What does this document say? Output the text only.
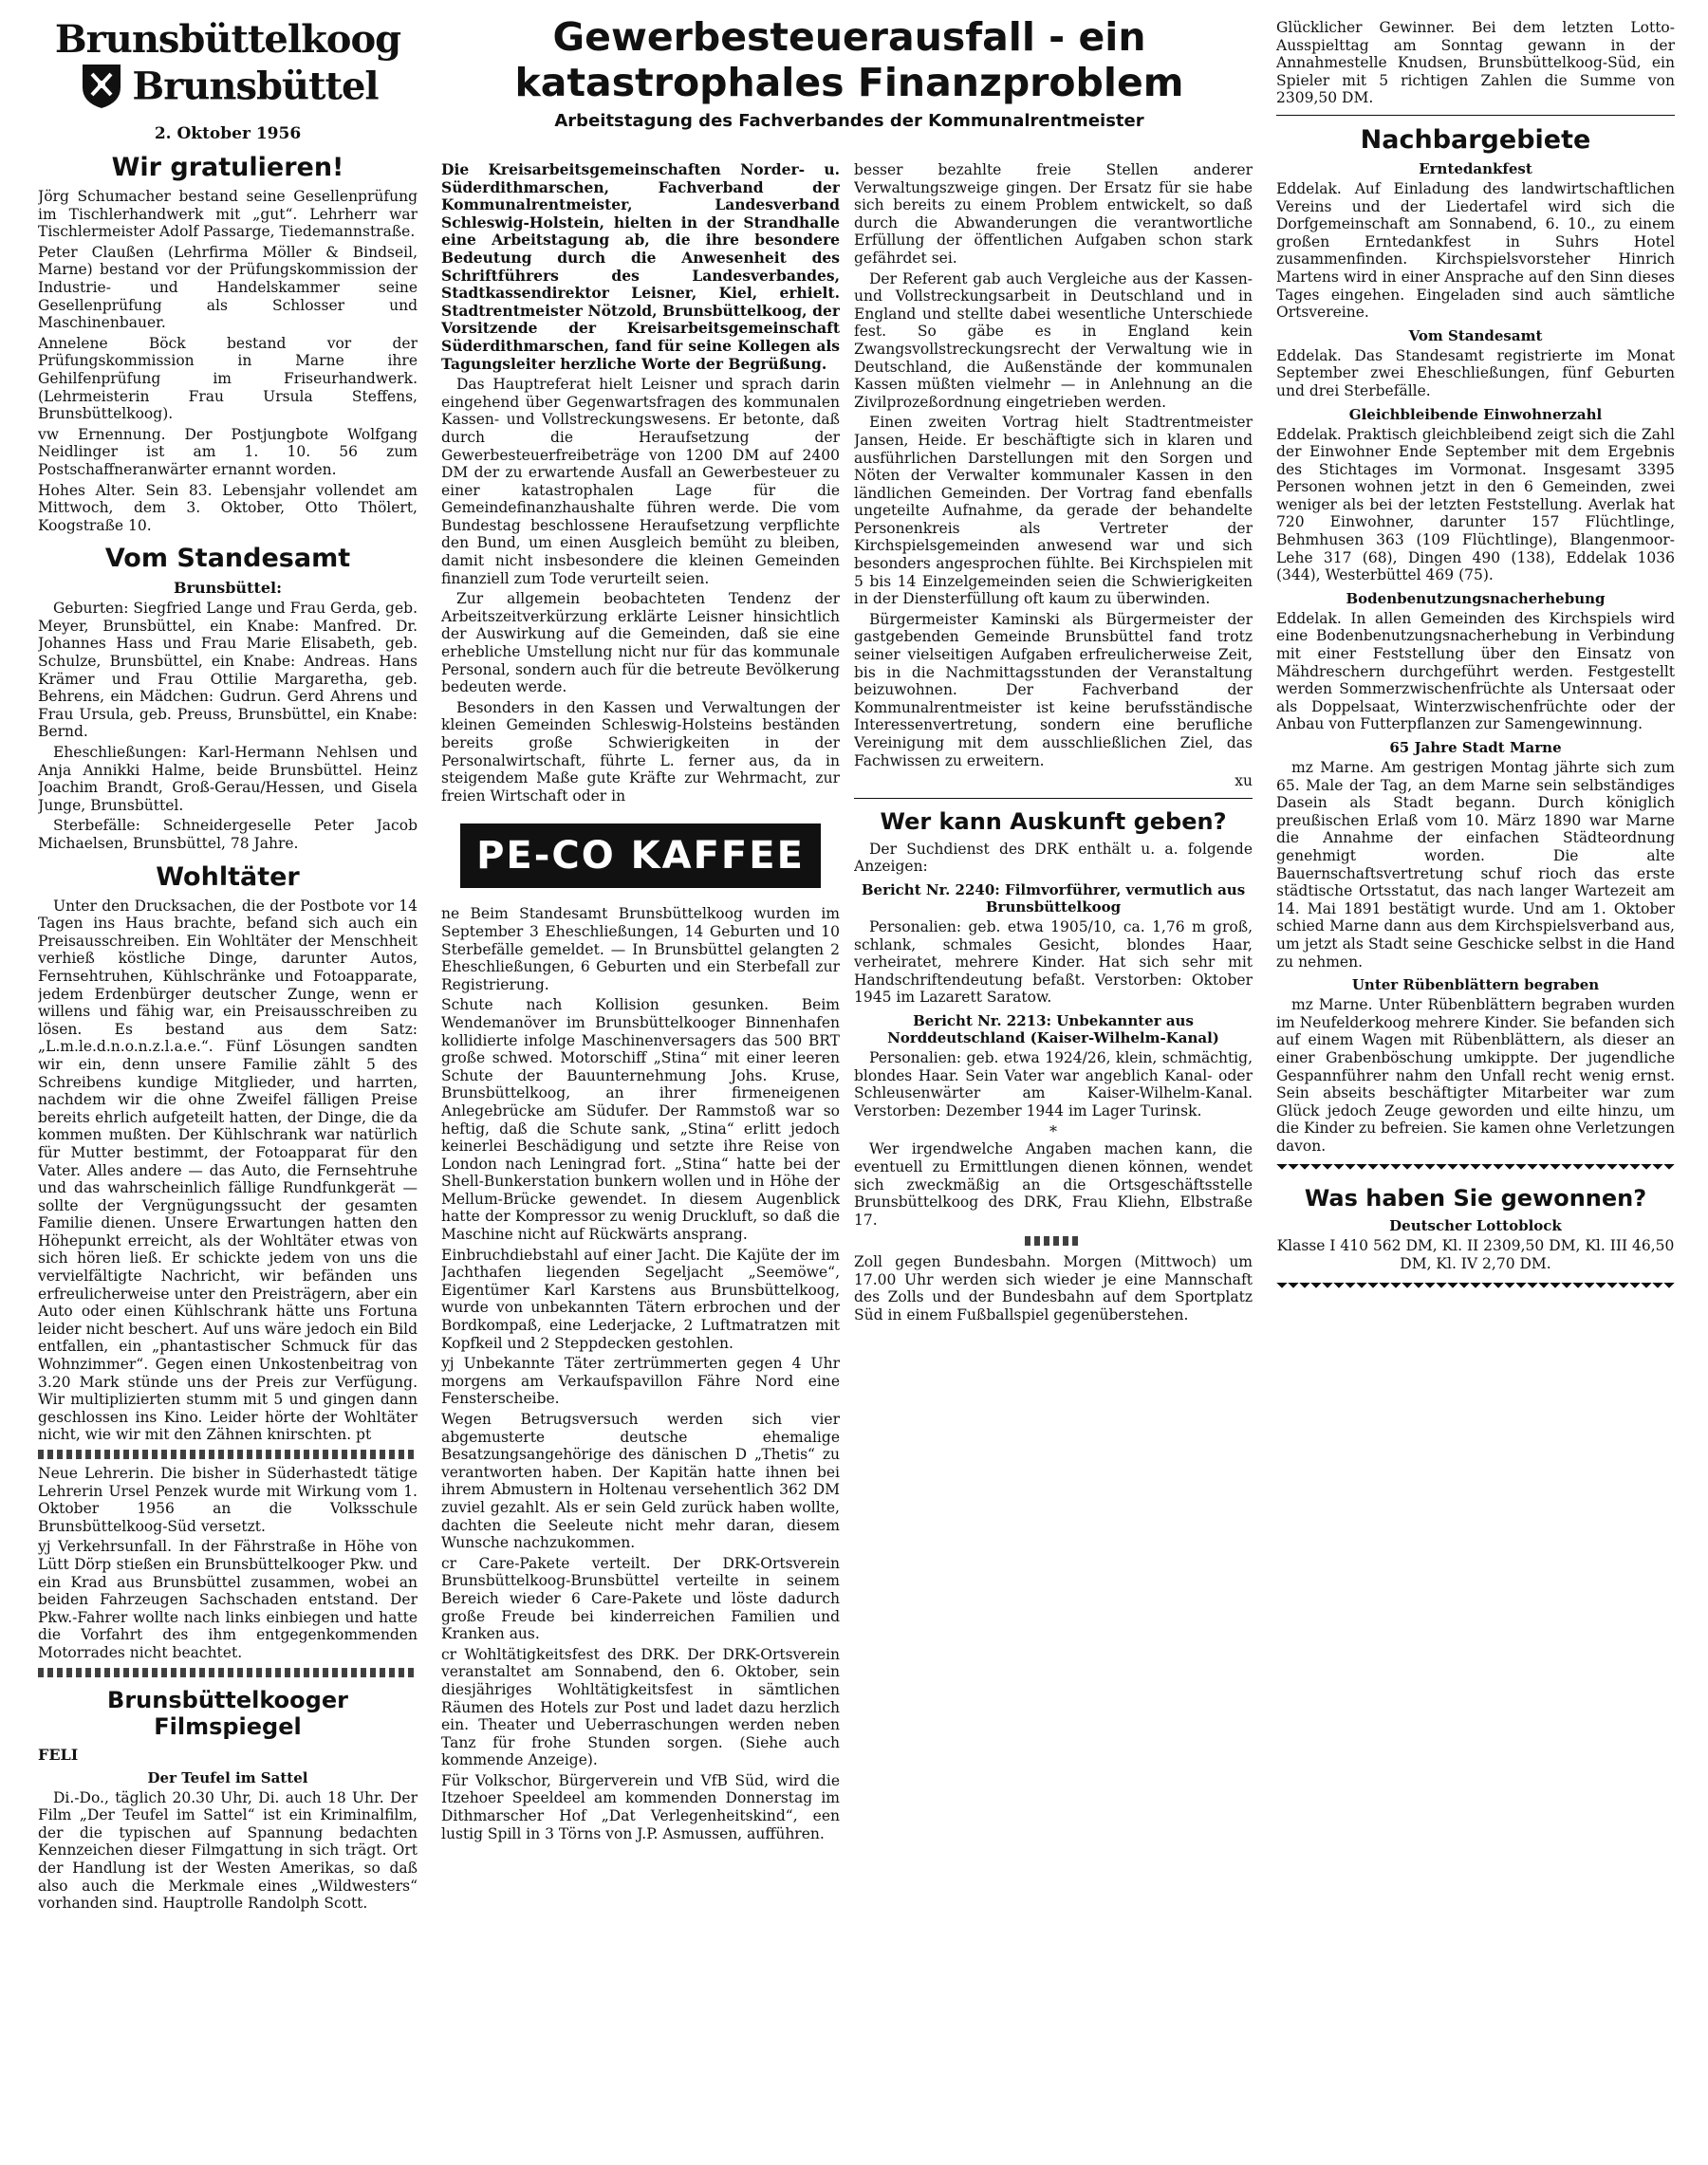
Gewerbesteuerausfall - ein katastrophales Finanzproblem
Arbeitstagung des Fachverbandes der Kommunalrentmeister
Brunsbüttelkoog
Brunsbüttel
2. Oktober 1956
Wir gratulieren!

Jörg Schumacher bestand seine Gesellenprüfung im Tischlerhandwerk mit „gut“. Lehrherr war Tischlermeister Adolf Passarge, Tiedemannstraße.

Peter Claußen (Lehrfirma Möller & Bindseil, Marne) bestand vor der Prüfungskommission der Industrie- und Handelskammer seine Gesellenprüfung als Schlosser und Maschinenbauer.

Annelene Böck bestand vor der Prüfungskommission in Marne ihre Gehilfenprüfung im Friseurhandwerk. (Lehrmeisterin Frau Ursula Steffens, Brunsbüttelkoog).

vw Ernennung. Der Postjungbote Wolfgang Neidlinger ist am 1. 10. 56 zum Postschaffneranwärter ernannt worden.

Hohes Alter. Sein 83. Lebensjahr vollendet am Mittwoch, dem 3. Oktober, Otto Thölert, Koogstraße 10.

Vom Standesamt
Brunsbüttel:

Geburten: Siegfried Lange und Frau Gerda, geb. Meyer, Brunsbüttel, ein Knabe: Manfred. Dr. Johannes Hass und Frau Marie Elisabeth, geb. Schulze, Brunsbüttel, ein Knabe: Andreas. Hans Krämer und Frau Ottilie Margaretha, geb. Behrens, ein Mädchen: Gudrun. Gerd Ahrens und Frau Ursula, geb. Preuss, Brunsbüttel, ein Knabe: Bernd.

Eheschließungen: Karl-Hermann Nehlsen und Anja Annikki Halme, beide Brunsbüttel. Heinz Joachim Brandt, Groß-Gerau/Hessen, und Gisela Junge, Brunsbüttel.

Sterbefälle: Schneidergeselle Peter Jacob Michaelsen, Brunsbüttel, 78 Jahre.

Wohltäter

Unter den Drucksachen, die der Postbote vor 14 Tagen ins Haus brachte, befand sich auch ein Preisausschreiben. Ein Wohltäter der Menschheit verhieß köstliche Dinge, darunter Autos, Fernsehtruhen, Kühlschränke und Fotoapparate, jedem Erdenbürger deutscher Zunge, wenn er willens und fähig war, ein Preisausschreiben zu lösen. Es bestand aus dem Satz: „L.m.le.d.n.o.n.z.l.a.e.“. Fünf Lösungen sandten wir ein, denn unsere Familie zählt 5 des Schreibens kundige Mitglieder, und harrten, nachdem wir die ohne Zweifel fälligen Preise bereits ehrlich aufgeteilt hatten, der Dinge, die da kommen mußten. Der Kühlschrank war natürlich für Mutter bestimmt, der Fotoapparat für den Vater. Alles andere — das Auto, die Fernsehtruhe und das wahrscheinlich fällige Rundfunkgerät — sollte der Vergnügungssucht der gesamten Familie dienen. Unsere Erwartungen hatten den Höhepunkt erreicht, als der Wohltäter etwas von sich hören ließ. Er schickte jedem von uns die vervielfältigte Nachricht, wir befänden uns erfreulicherweise unter den Preisträgern, aber ein Auto oder einen Kühlschrank hätte uns Fortuna leider nicht beschert. Auf uns wäre jedoch ein Bild entfallen, ein „phantastischer Schmuck für das Wohnzimmer“. Gegen einen Unkostenbeitrag von 3.20 Mark stünde uns der Preis zur Verfügung. Wir multiplizierten stumm mit 5 und gingen dann geschlossen ins Kino. Leider hörte der Wohltäter nicht, wie wir mit den Zähnen knirschten. pt

Neue Lehrerin. Die bisher in Süderhastedt tätige Lehrerin Ursel Penzek wurde mit Wirkung vom 1. Oktober 1956 an die Volksschule Brunsbüttelkoog-Süd versetzt.

yj Verkehrsunfall. In der Fährstraße in Höhe von Lütt Dörp stießen ein Brunsbüttelkooger Pkw. und ein Krad aus Brunsbüttel zusammen, wobei an beiden Fahrzeugen Sachschaden entstand. Der Pkw.-Fahrer wollte nach links einbiegen und hatte die Vorfahrt des ihm entgegenkommenden Motorrades nicht beachtet.

Brunsbüttelkooger Filmspiegel
FELI
Der Teufel im Sattel

Di.-Do., täglich 20.30 Uhr, Di. auch 18 Uhr. Der Film „Der Teufel im Sattel“ ist ein Kriminalfilm, der die typischen auf Spannung bedachten Kennzeichen dieser Filmgattung in sich trägt. Ort der Handlung ist der Westen Amerikas, so daß also auch die Merkmale eines „Wildwesters“ vorhanden sind. Hauptrolle Randolph Scott.

Die Kreisarbeitsgemeinschaften Norder- u. Süderdithmarschen, Fachverband der Kommunalrentmeister, Landesverband Schleswig-Holstein, hielten in der Strandhalle eine Arbeitstagung ab, die ihre besondere Bedeutung durch die Anwesenheit des Schriftführers des Landesverbandes, Stadtkassendirektor Leisner, Kiel, erhielt. Stadtrentmeister Nötzold, Brunsbüttelkoog, der Vorsitzende der Kreisarbeitsgemeinschaft Süderdithmarschen, fand für seine Kollegen als Tagungsleiter herzliche Worte der Begrüßung.

Das Hauptreferat hielt Leisner und sprach darin eingehend über Gegenwartsfragen des kommunalen Kassen- und Vollstreckungswesens. Er betonte, daß durch die Heraufsetzung der Gewerbesteuerfreibeträge von 1200 DM auf 2400 DM der zu erwartende Ausfall an Gewerbesteuer zu einer katastrophalen Lage für die Gemeindefinanzhaushalte führen werde. Die vom Bundestag beschlossene Heraufsetzung verpflichte den Bund, um einen Ausgleich bemüht zu bleiben, damit nicht insbesondere die kleinen Gemeinden finanziell zum Tode verurteilt seien.

Zur allgemein beobachteten Tendenz der Arbeitszeitverkürzung erklärte Leisner hinsichtlich der Auswirkung auf die Gemeinden, daß sie eine erhebliche Umstellung nicht nur für das kommunale Personal, sondern auch für die betreute Bevölkerung bedeuten werde.

Besonders in den Kassen und Verwaltungen der kleinen Gemeinden Schleswig-Holsteins beständen bereits große Schwierigkeiten in der Personalwirtschaft, führte L. ferner aus, da in steigendem Maße gute Kräfte zur Wehrmacht, zur freien Wirtschaft oder in

PE-CO KAFFEE

ne Beim Standesamt Brunsbüttelkoog wurden im September 3 Eheschließungen, 14 Geburten und 10 Sterbefälle gemeldet. — In Brunsbüttel gelangten 2 Eheschließungen, 6 Geburten und ein Sterbefall zur Registrierung.

Schute nach Kollision gesunken. Beim Wendemanöver im Brunsbüttelkooger Binnenhafen kollidierte infolge Maschinenversagers das 500 BRT große schwed. Motorschiff „Stina“ mit einer leeren Schute der Bauunternehmung Johs. Kruse, Brunsbüttelkoog, an ihrer firmeneigenen Anlegebrücke am Südufer. Der Rammstoß war so heftig, daß die Schute sank, „Stina“ erlitt jedoch keinerlei Beschädigung und setzte ihre Reise von London nach Leningrad fort. „Stina“ hatte bei der Shell-Bunkerstation bunkern wollen und in Höhe der Mellum-Brücke gewendet. In diesem Augenblick hatte der Kompressor zu wenig Druckluft, so daß die Maschine nicht auf Rückwärts ansprang.

Einbruchdiebstahl auf einer Jacht. Die Kajüte der im Jachthafen liegenden Segeljacht „Seemöwe“, Eigentümer Karl Karstens aus Brunsbüttelkoog, wurde von unbekannten Tätern erbrochen und der Bordkompaß, eine Lederjacke, 2 Luftmatratzen mit Kopfkeil und 2 Steppdecken gestohlen.

yj Unbekannte Täter zertrümmerten gegen 4 Uhr morgens am Verkaufspavillon Fähre Nord eine Fensterscheibe.

Wegen Betrugsversuch werden sich vier abgemusterte deutsche ehemalige Besatzungsangehörige des dänischen D „Thetis“ zu verantworten haben. Der Kapitän hatte ihnen bei ihrem Abmustern in Holtenau versehentlich 362 DM zuviel gezahlt. Als er sein Geld zurück haben wollte, dachten die Seeleute nicht mehr daran, diesem Wunsche nachzukommen.

cr Care-Pakete verteilt. Der DRK-Ortsverein Brunsbüttelkoog-Brunsbüttel verteilte in seinem Bereich wieder 6 Care-Pakete und löste dadurch große Freude bei kinderreichen Familien und Kranken aus.

cr Wohltätigkeitsfest des DRK. Der DRK-Ortsverein veranstaltet am Sonnabend, den 6. Oktober, sein diesjähriges Wohltätigkeitsfest in sämtlichen Räumen des Hotels zur Post und ladet dazu herzlich ein. Theater und Ueberraschungen werden neben Tanz für frohe Stunden sorgen. (Siehe auch kommende Anzeige).

Für Volkschor, Bürgerverein und VfB Süd, wird die Itzehoer Speeldeel am kommenden Donnerstag im Dithmarscher Hof „Dat Verlegenheitskind“, een lustig Spill in 3 Törns von J.P. Asmussen, aufführen.

besser bezahlte freie Stellen anderer Verwaltungszweige gingen. Der Ersatz für sie habe sich bereits zu einem Problem entwickelt, so daß durch die Abwanderungen die verantwortliche Erfüllung der öffentlichen Aufgaben schon stark gefährdet sei.

Der Referent gab auch Vergleiche aus der Kassen- und Vollstreckungsarbeit in Deutschland und in England und stellte dabei wesentliche Unterschiede fest. So gäbe es in England kein Zwangsvollstreckungsrecht der Verwaltung wie in Deutschland, die Außenstände der kommunalen Kassen müßten vielmehr — in Anlehnung an die Zivilprozeßordnung eingetrieben werden.

Einen zweiten Vortrag hielt Stadtrentmeister Jansen, Heide. Er beschäftigte sich in klaren und ausführlichen Darstellungen mit den Sorgen und Nöten der Verwalter kommunaler Kassen in den ländlichen Gemeinden. Der Vortrag fand ebenfalls ungeteilte Aufnahme, da gerade der behandelte Personenkreis als Vertreter der Kirchspielsgemeinden anwesend war und sich besonders angesprochen fühlte. Bei Kirchspielen mit 5 bis 14 Einzelgemeinden seien die Schwierigkeiten in der Diensterfüllung oft kaum zu überwinden.

Bürgermeister Kaminski als Bürgermeister der gastgebenden Gemeinde Brunsbüttel fand trotz seiner vielseitigen Aufgaben erfreulicherweise Zeit, bis in die Nachmittagsstunden der Veranstaltung beizuwohnen. Der Fachverband der Kommunalrentmeister ist keine berufsständische Interessenvertretung, sondern eine berufliche Vereinigung mit dem ausschließlichen Ziel, das Fachwissen zu erweitern.

xu

Wer kann Auskunft geben?

Der Suchdienst des DRK enthält u. a. folgende Anzeigen:

Bericht Nr. 2240: Filmvorführer, vermutlich aus Brunsbüttelkoog

Personalien: geb. etwa 1905/10, ca. 1,76 m groß, schlank, schmales Gesicht, blondes Haar, verheiratet, mehrere Kinder. Hat sich sehr mit Handschriftendeutung befaßt. Verstorben: Oktober 1945 im Lazarett Saratow.

Bericht Nr. 2213: Unbekannter aus Norddeutschland (Kaiser-Wilhelm-Kanal)

Personalien: geb. etwa 1924/26, klein, schmächtig, blondes Haar. Sein Vater war angeblich Kanal- oder Schleusenwärter am Kaiser-Wilhelm-Kanal. Verstorben: Dezember 1944 im Lager Turinsk.

*

Wer irgendwelche Angaben machen kann, die eventuell zu Ermittlungen dienen können, wendet sich zweckmäßig an die Ortsgeschäftsstelle Brunsbüttelkoog des DRK, Frau Kliehn, Elbstraße 17.

Zoll gegen Bundesbahn. Morgen (Mittwoch) um 17.00 Uhr werden sich wieder je eine Mannschaft des Zolls und der Bundesbahn auf dem Sportplatz Süd in einem Fußballspiel gegenüberstehen.

Glücklicher Gewinner. Bei dem letzten Lotto-Ausspielttag am Sonntag gewann in der Annahmestelle Knudsen, Brunsbüttelkoog-Süd, ein Spieler mit 5 richtigen Zahlen die Summe von 2309,50 DM.

Nachbargebiete
Erntedankfest

Eddelak. Auf Einladung des landwirtschaftlichen Vereins und der Liedertafel wird sich die Dorfgemeinschaft am Sonnabend, 6. 10., zu einem großen Erntedankfest in Suhrs Hotel zusammenfinden. Kirchspielsvorsteher Hinrich Martens wird in einer Ansprache auf den Sinn dieses Tages eingehen. Eingeladen sind auch sämtliche Ortsvereine.

Vom Standesamt

Eddelak. Das Standesamt registrierte im Monat September zwei Eheschließungen, fünf Geburten und drei Sterbefälle.

Gleichbleibende Einwohnerzahl

Eddelak. Praktisch gleichbleibend zeigt sich die Zahl der Einwohner Ende September mit dem Ergebnis des Stichtages im Vormonat. Insgesamt 3395 Personen wohnen jetzt in den 6 Gemeinden, zwei weniger als bei der letzten Feststellung. Averlak hat 720 Einwohner, darunter 157 Flüchtlinge, Behmhusen 363 (109 Flüchtlinge), Blangenmoor-Lehe 317 (68), Dingen 490 (138), Eddelak 1036 (344), Westerbüttel 469 (75).

Bodenbenutzungsnacherhebung

Eddelak. In allen Gemeinden des Kirchspiels wird eine Bodenbenutzungsnacherhebung in Verbindung mit einer Feststellung über den Einsatz von Mähdreschern durchgeführt werden. Festgestellt werden Sommerzwischenfrüchte als Untersaat oder als Doppelsaat, Winterzwischenfrüchte oder der Anbau von Futterpflanzen zur Samengewinnung.

65 Jahre Stadt Marne

mz Marne. Am gestrigen Montag jährte sich zum 65. Male der Tag, an dem Marne sein selbständiges Dasein als Stadt begann. Durch königlich preußischen Erlaß vom 10. März 1890 war Marne die Annahme der einfachen Städteordnung genehmigt worden. Die alte Bauernschaftsvertretung schuf rioch das erste städtische Ortsstatut, das nach langer Wartezeit am 14. Mai 1891 bestätigt wurde. Und am 1. Oktober schied Marne dann aus dem Kirchspielsverband aus, um jetzt als Stadt seine Geschicke selbst in die Hand zu nehmen.

Unter Rübenblättern begraben

mz Marne. Unter Rübenblättern begraben wurden im Neufelderkoog mehrere Kinder. Sie befanden sich auf einem Wagen mit Rübenblättern, als dieser an einer Grabenböschung umkippte. Der jugendliche Gespannführer nahm den Unfall recht wenig ernst. Sein abseits beschäftigter Mitarbeiter war zum Glück jedoch Zeuge geworden und eilte hinzu, um die Kinder zu befreien. Sie kamen ohne Verletzungen davon.

Was haben Sie gewonnen?
Deutscher Lottoblock

Klasse I 410 562 DM, Kl. II 2309,50 DM, Kl. III 46,50 DM, Kl. IV 2,70 DM.
